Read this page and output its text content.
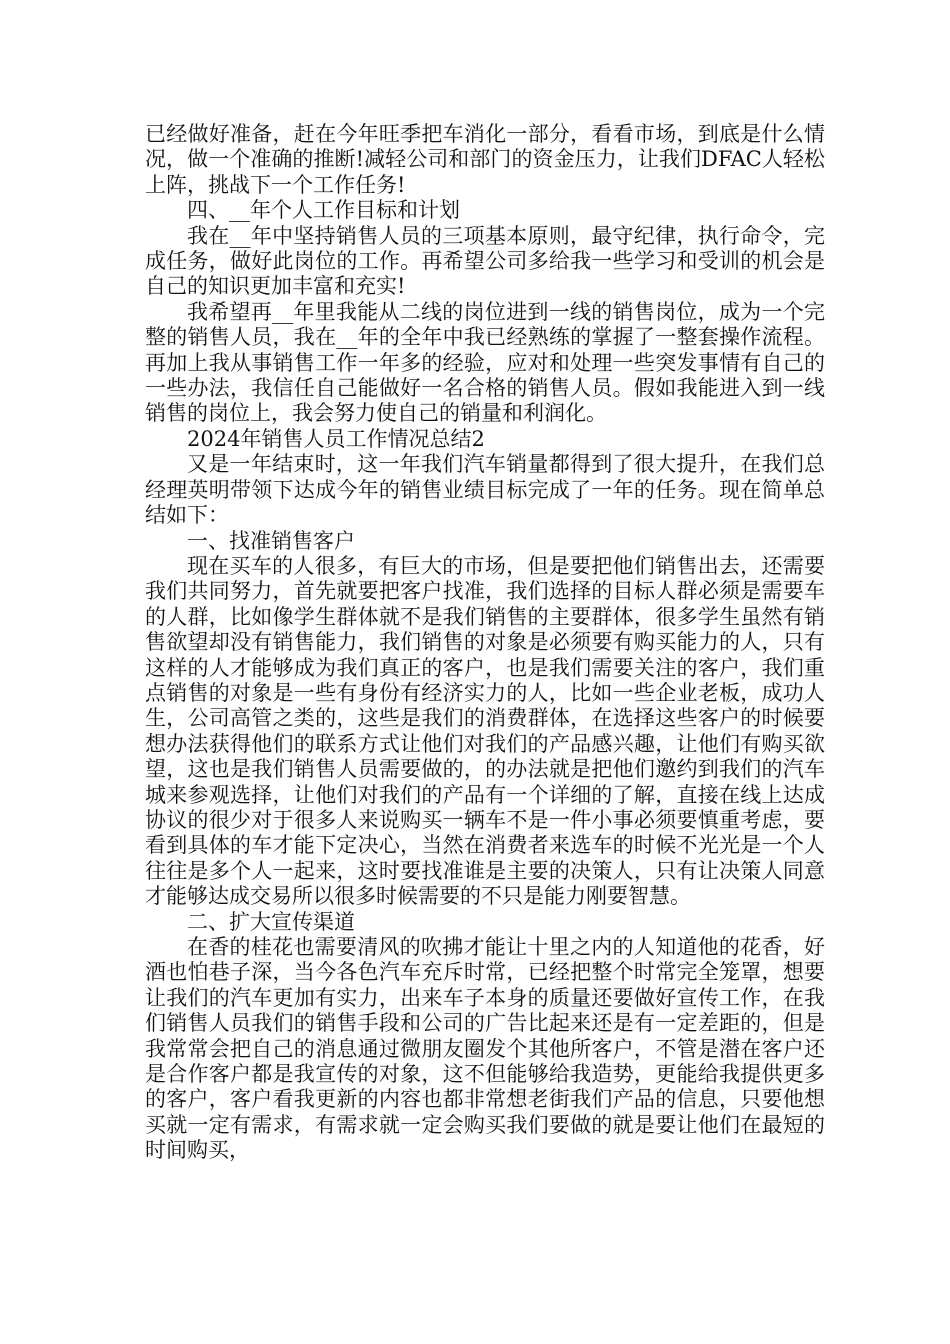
已经做好准备，赶在今年旺季把车消化一部分，看看市场，到底是什么情况，做一个准确的推断!减轻公司和部门的资金压力，让我们DFAC人轻松上阵，挑战下一个工作任务!

四、__年个人工作目标和计划

我在__年中坚持销售人员的三项基本原则，最守纪律，执行命令，完成任务，做好此岗位的工作。再希望公司多给我一些学习和受训的机会是自己的知识更加丰富和充实!

我希望再__年里我能从二线的岗位进到一线的销售岗位，成为一个完整的销售人员，我在__年的全年中我已经熟练的掌握了一整套操作流程。再加上我从事销售工作一年多的经验，应对和处理一些突发事情有自己的一些办法，我信任自己能做好一名合格的销售人员。假如我能进入到一线销售的岗位上，我会努力使自己的销量和利润化。

2024年销售人员工作情况总结2

又是一年结束时，这一年我们汽车销量都得到了很大提升，在我们总经理英明带领下达成今年的销售业绩目标完成了一年的任务。现在简单总结如下：

一、找准销售客户

现在买车的人很多，有巨大的市场，但是要把他们销售出去，还需要我们共同努力，首先就要把客户找准，我们选择的目标人群必须是需要车的人群，比如像学生群体就不是我们销售的主要群体，很多学生虽然有销售欲望却没有销售能力，我们销售的对象是必须要有购买能力的人，只有这样的人才能够成为我们真正的客户，也是我们需要关注的客户，我们重点销售的对象是一些有身份有经济实力的人，比如一些企业老板，成功人生，公司高管之类的，这些是我们的消费群体，在选择这些客户的时候要想办法获得他们的联系方式让他们对我们的产品感兴趣，让他们有购买欲望，这也是我们销售人员需要做的，的办法就是把他们邀约到我们的汽车城来参观选择，让他们对我们的产品有一个详细的了解，直接在线上达成协议的很少对于很多人来说购买一辆车不是一件小事必须要慎重考虑，要看到具体的车才能下定决心，当然在消费者来选车的时候不光光是一个人往往是多个人一起来，这时要找准谁是主要的决策人，只有让决策人同意才能够达成交易所以很多时候需要的不只是能力刚要智慧。

二、扩大宣传渠道

在香的桂花也需要清风的吹拂才能让十里之内的人知道他的花香，好酒也怕巷子深，当今各色汽车充斥时常，已经把整个时常完全笼罩，想要让我们的汽车更加有实力，出来车子本身的质量还要做好宣传工作，在我们销售人员我们的销售手段和公司的广告比起来还是有一定差距的，但是我常常会把自己的消息通过微朋友圈发个其他所客户，不管是潜在客户还是合作客户都是我宣传的对象，这不但能够给我造势，更能给我提供更多的客户，客户看我更新的内容也都非常想老街我们产品的信息，只要他想买就一定有需求，有需求就一定会购买我们要做的就是要让他们在最短的时间购买，
